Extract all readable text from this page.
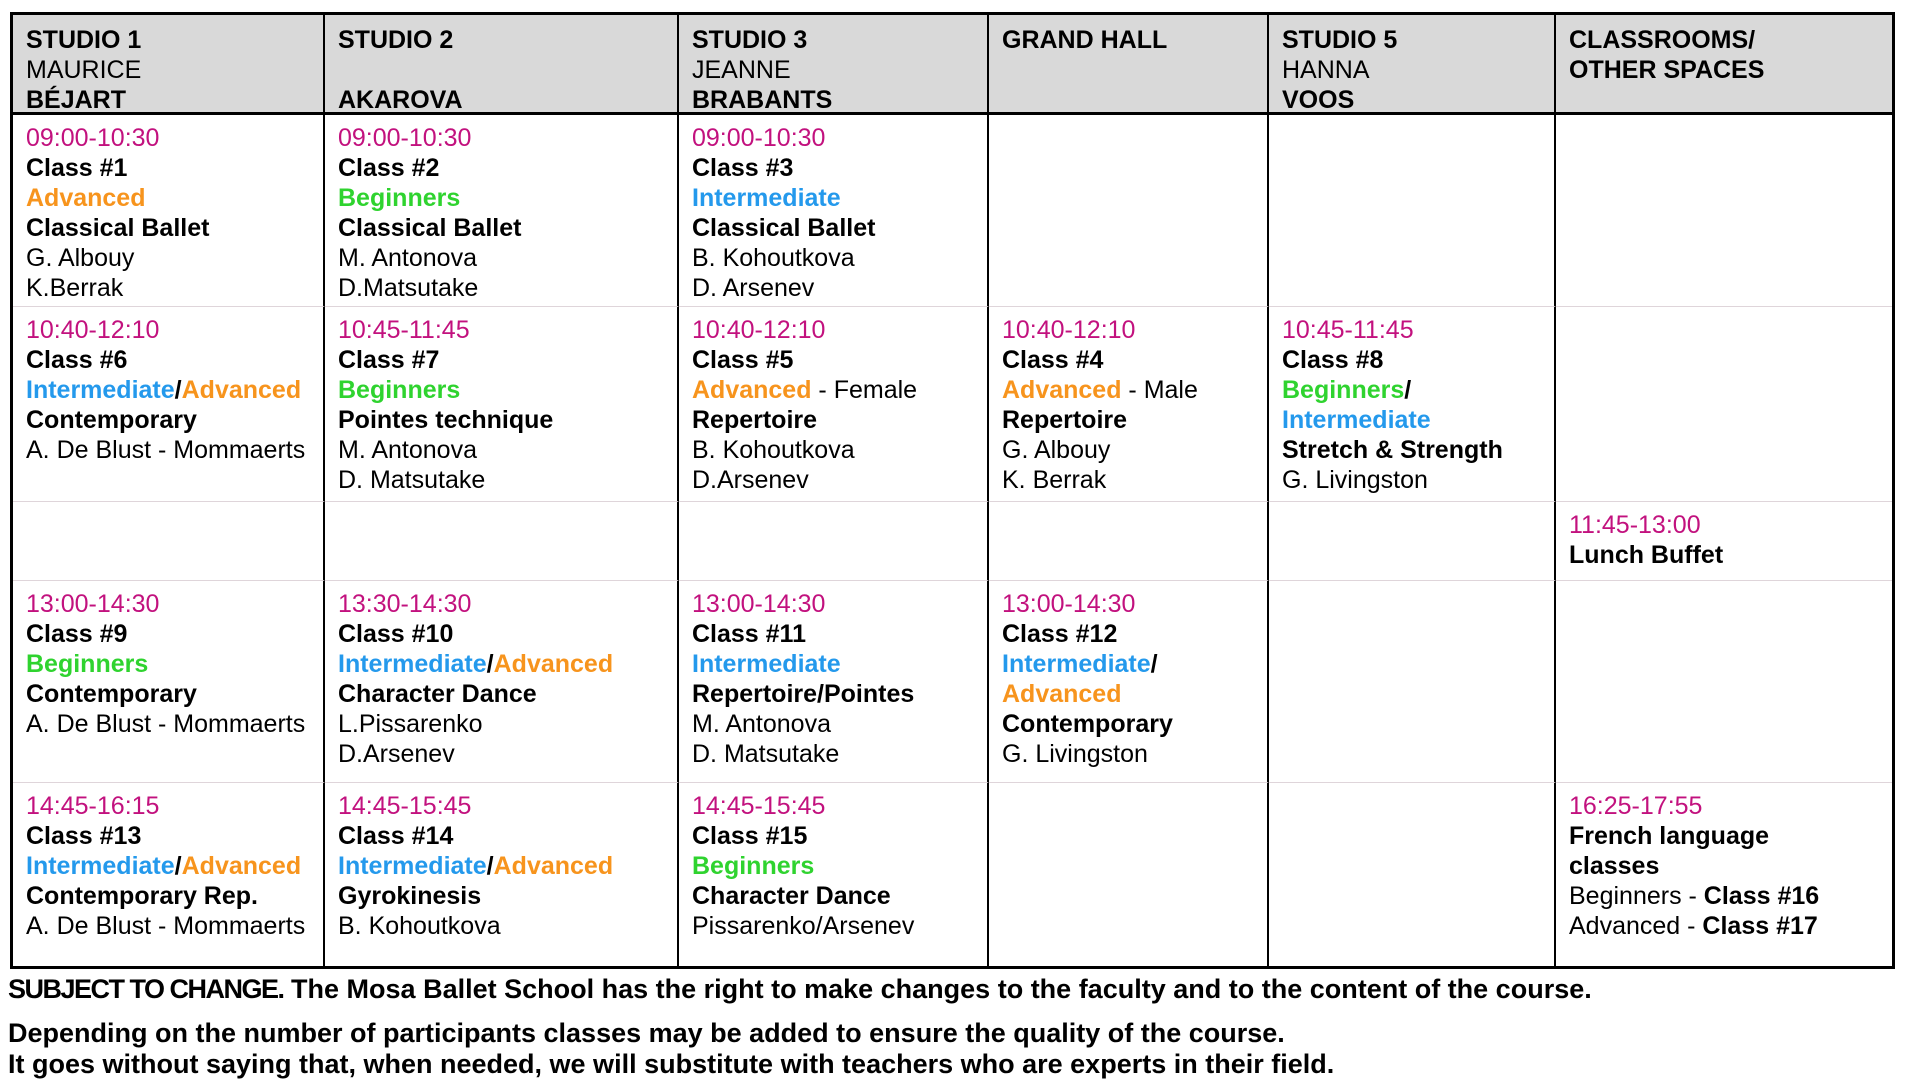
STUDIO 1
MAURICE
BÉJART
STUDIO 2

AKAROVA
STUDIO 3
JEANNE
BRABANTS
GRAND HALL	STUDIO 5
HANNA
VOOS
CLASSROOMS/
OTHER SPACES
09:00-10:30
Class #1
Advanced
Classical Ballet
G. Albouy
K.Berrak
09:00-10:30
Class #2
Beginners
Classical Ballet
M. Antonova
D.Matsutake
09:00-10:30
Class #3
Intermediate
Classical Ballet
B. Kohoutkova
D. Arsenev
10:40-12:10
Class #6
Intermediate/Advanced
Contemporary
A. De Blust - Mommaerts
10:45-11:45
Class #7
Beginners
Pointes technique
M. Antonova
D. Matsutake
10:40-12:10
Class #5
Advanced - Female
Repertoire
B. Kohoutkova
D.Arsenev
10:40-12:10
Class #4
Advanced - Male
Repertoire
G. Albouy
K. Berrak
10:45-11:45
Class #8
Beginners/
Intermediate
Stretch & Strength
G. Livingston
11:45-13:00
Lunch Buffet
13:00-14:30
Class #9
Beginners
Contemporary
A. De Blust - Mommaerts
13:30-14:30
Class #10
Intermediate/Advanced
Character Dance
L.Pissarenko
D.Arsenev
13:00-14:30
Class #11
Intermediate
Repertoire/Pointes
M. Antonova
D. Matsutake
13:00-14:30
Class #12
Intermediate/
Advanced
Contemporary
G. Livingston
14:45-16:15
Class #13
Intermediate/Advanced
Contemporary Rep.
A. De Blust - Mommaerts
14:45-15:45
Class #14
Intermediate/Advanced
Gyrokinesis
B. Kohoutkova
14:45-15:45
Class #15
Beginners
Character Dance
Pissarenko/Arsenev
16:25-17:55
French language
classes
Beginners - Class #16
Advanced - Class #17

SUBJECT TO CHANGE. The Mosa Ballet School has the right to make changes to the faculty and to the content of the course.

Depending on the number of participants classes may be added to ensure the quality of the course.
It goes without saying that, when needed, we will substitute with teachers who are experts in their field.
